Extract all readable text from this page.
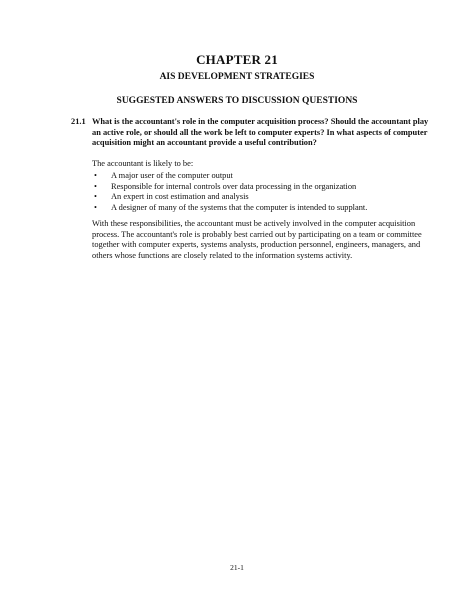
CHAPTER 21
AIS DEVELOPMENT STRATEGIES
SUGGESTED ANSWERS TO DISCUSSION QUESTIONS
21.1 What is the accountant's role in the computer acquisition process? Should the accountant play an active role, or should all the work be left to computer experts? In what aspects of computer acquisition might an accountant provide a useful contribution?
The accountant is likely to be:
• A major user of the computer output
• Responsible for internal controls over data processing in the organization
• An expert in cost estimation and analysis
• A designer of many of the systems that the computer is intended to supplant.
With these responsibilities, the accountant must be actively involved in the computer acquisition process. The accountant's role is probably best carried out by participating on a team or committee together with computer experts, systems analysts, production personnel, engineers, managers, and others whose functions are closely related to the information systems activity.
21-1
